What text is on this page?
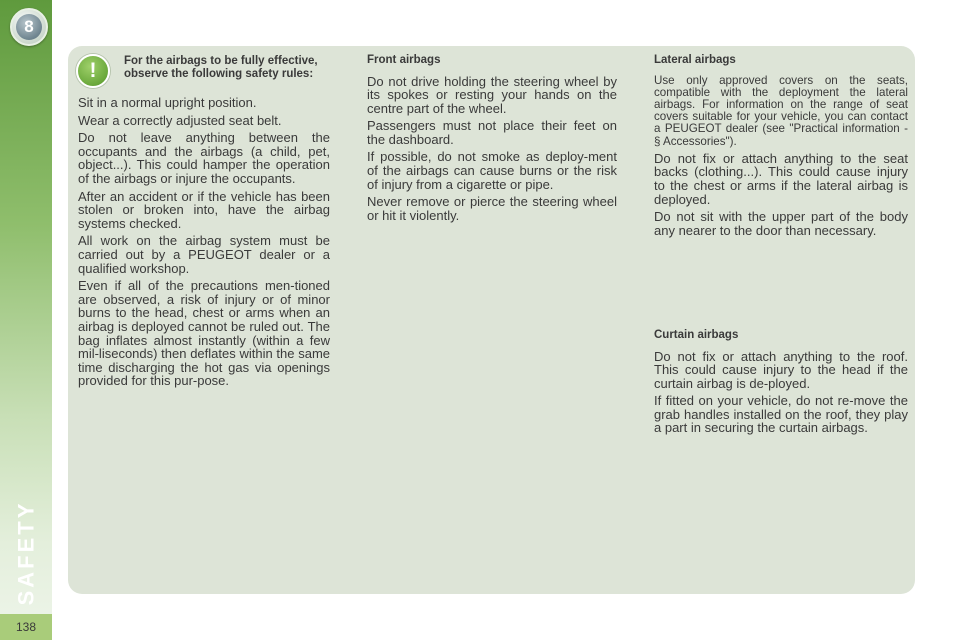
8
SAFETY
138
!	For the airbags to be fully effective, observe the following safety rules:

Sit in a normal upright position.

Wear a correctly adjusted seat belt.

Do not leave anything between the occupants and the airbags (a child, pet, object...). This could hamper the operation of the airbags or injure the occupants.

After an accident or if the vehicle has been stolen or broken into, have the airbag systems checked.

All work on the airbag system must be carried out by a PEUGEOT dealer or a qualified workshop.

Even if all of the precautions men-tioned are observed, a risk of injury or of minor burns to the head, chest or arms when an airbag is deployed cannot be ruled out. The bag inflates almost instantly (within a few mil-liseconds) then deflates within the same time discharging the hot gas via openings provided for this pur-pose.

Front airbags

Do not drive holding the steering wheel by its spokes or resting your hands on the centre part of the wheel.

Passengers must not place their feet on the dashboard.

If possible, do not smoke as deploy-ment of the airbags can cause burns or the risk of injury from a cigarette or pipe.

Never remove or pierce the steering wheel or hit it violently.

Lateral airbags

Use only approved covers on the seats, compatible with the deployment the lateral airbags. For information on the range of seat covers suitable for your vehicle, you can contact a PEUGEOT dealer (see "Practical information - § Accessories").

Do not fix or attach anything to the seat backs (clothing...). This could cause injury to the chest or arms if the lateral airbag is deployed.

Do not sit with the upper part of the body any nearer to the door than necessary.

Curtain airbags

Do not fix or attach anything to the roof. This could cause injury to the head if the curtain airbag is de-ployed.

If fitted on your vehicle, do not re-move the grab handles installed on the roof, they play a part in securing the curtain airbags.
